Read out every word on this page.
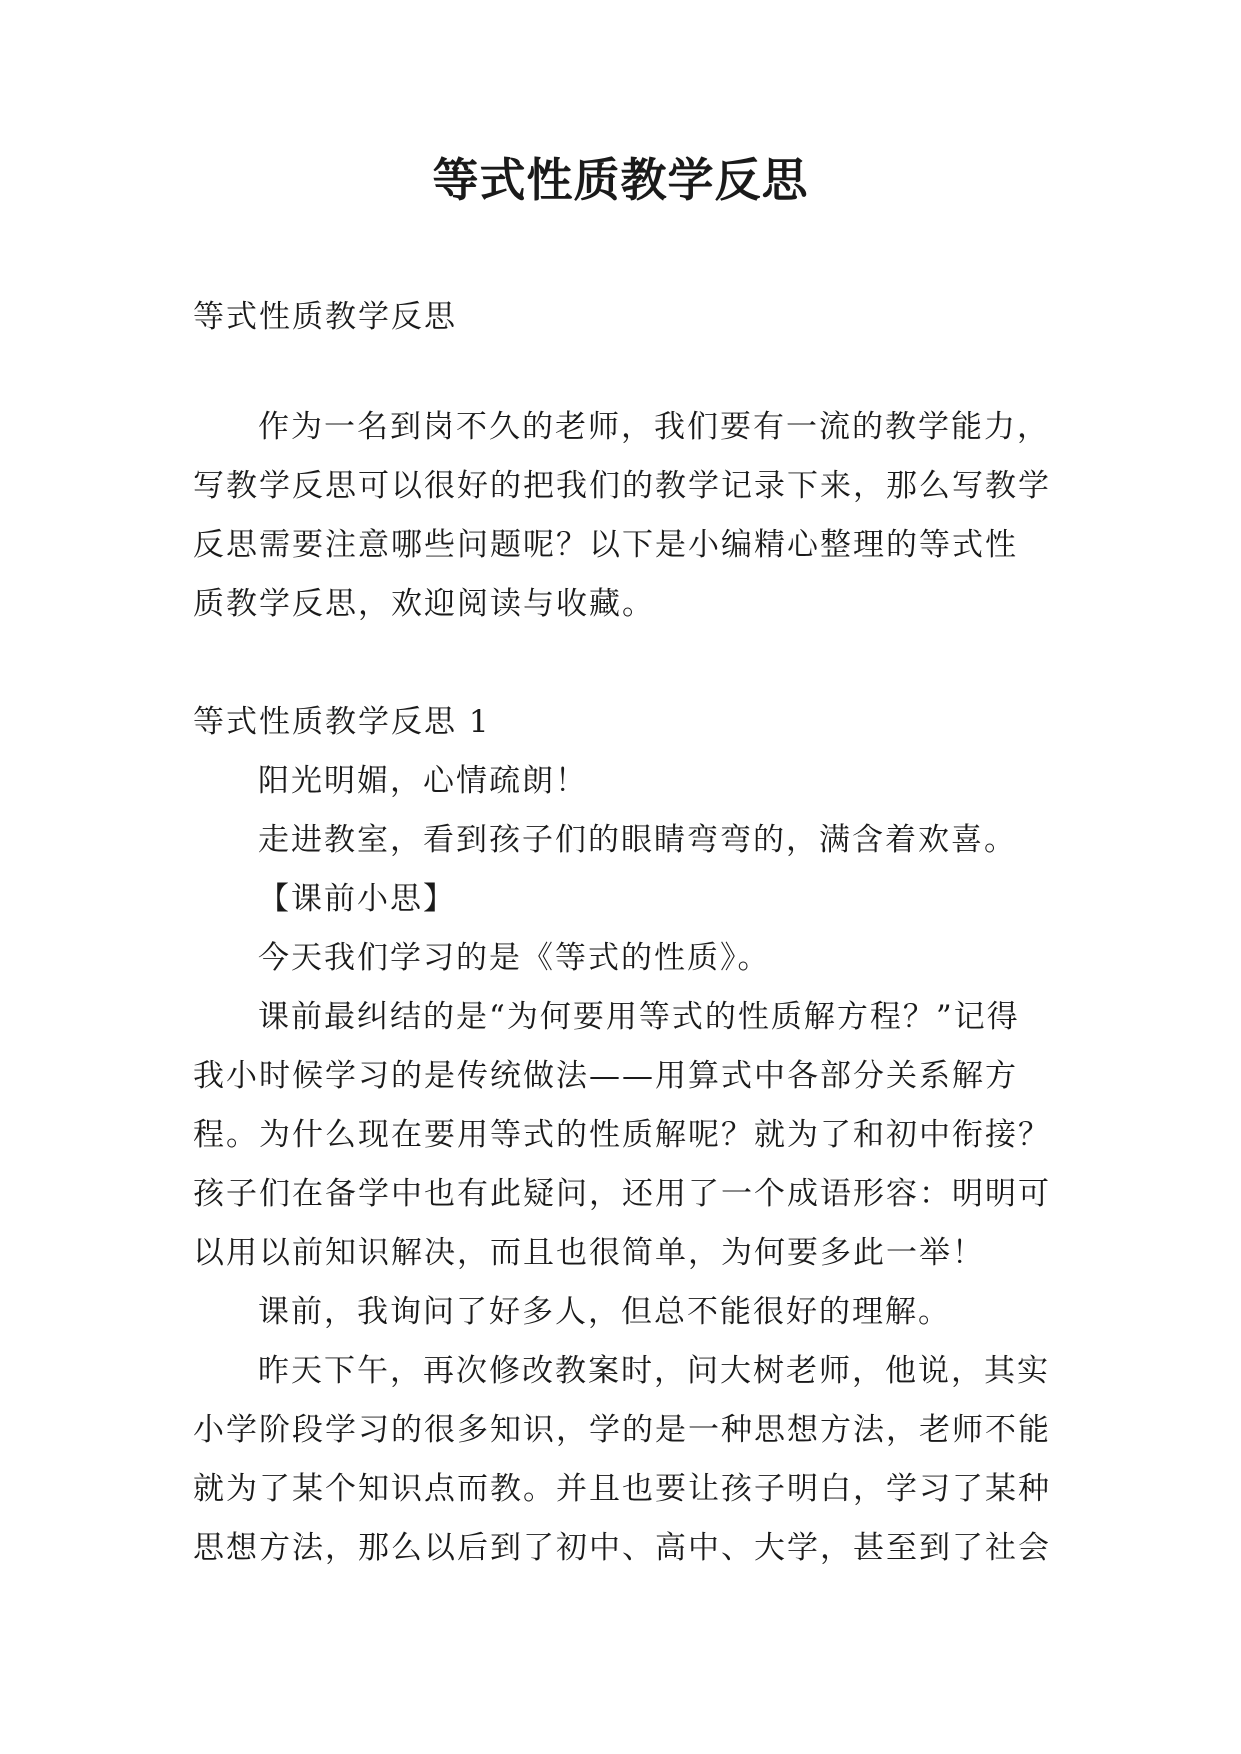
等式性质教学反思
等式性质教学反思
作为一名到岗不久的老师，我们要有一流的教学能力，
写教学反思可以很好的把我们的教学记录下来，那么写教学
反思需要注意哪些问题呢？以下是小编精心整理的等式性
质教学反思，欢迎阅读与收藏。
等式性质教学反思 1
阳光明媚，心情疏朗！
走进教室，看到孩子们的眼睛弯弯的，满含着欢喜。
【课前小思】
今天我们学习的是《等式的性质》。
课前最纠结的是“为何要用等式的性质解方程？”记得
我小时候学习的是传统做法——用算式中各部分关系解方
程。为什么现在要用等式的性质解呢？就为了和初中衔接？
孩子们在备学中也有此疑问，还用了一个成语形容：明明可
以用以前知识解决，而且也很简单，为何要多此一举！
课前，我询问了好多人，但总不能很好的理解。
昨天下午，再次修改教案时，问大树老师，他说，其实
小学阶段学习的很多知识，学的是一种思想方法，老师不能
就为了某个知识点而教。并且也要让孩子明白，学习了某种
思想方法，那么以后到了初中、高中、大学，甚至到了社会
